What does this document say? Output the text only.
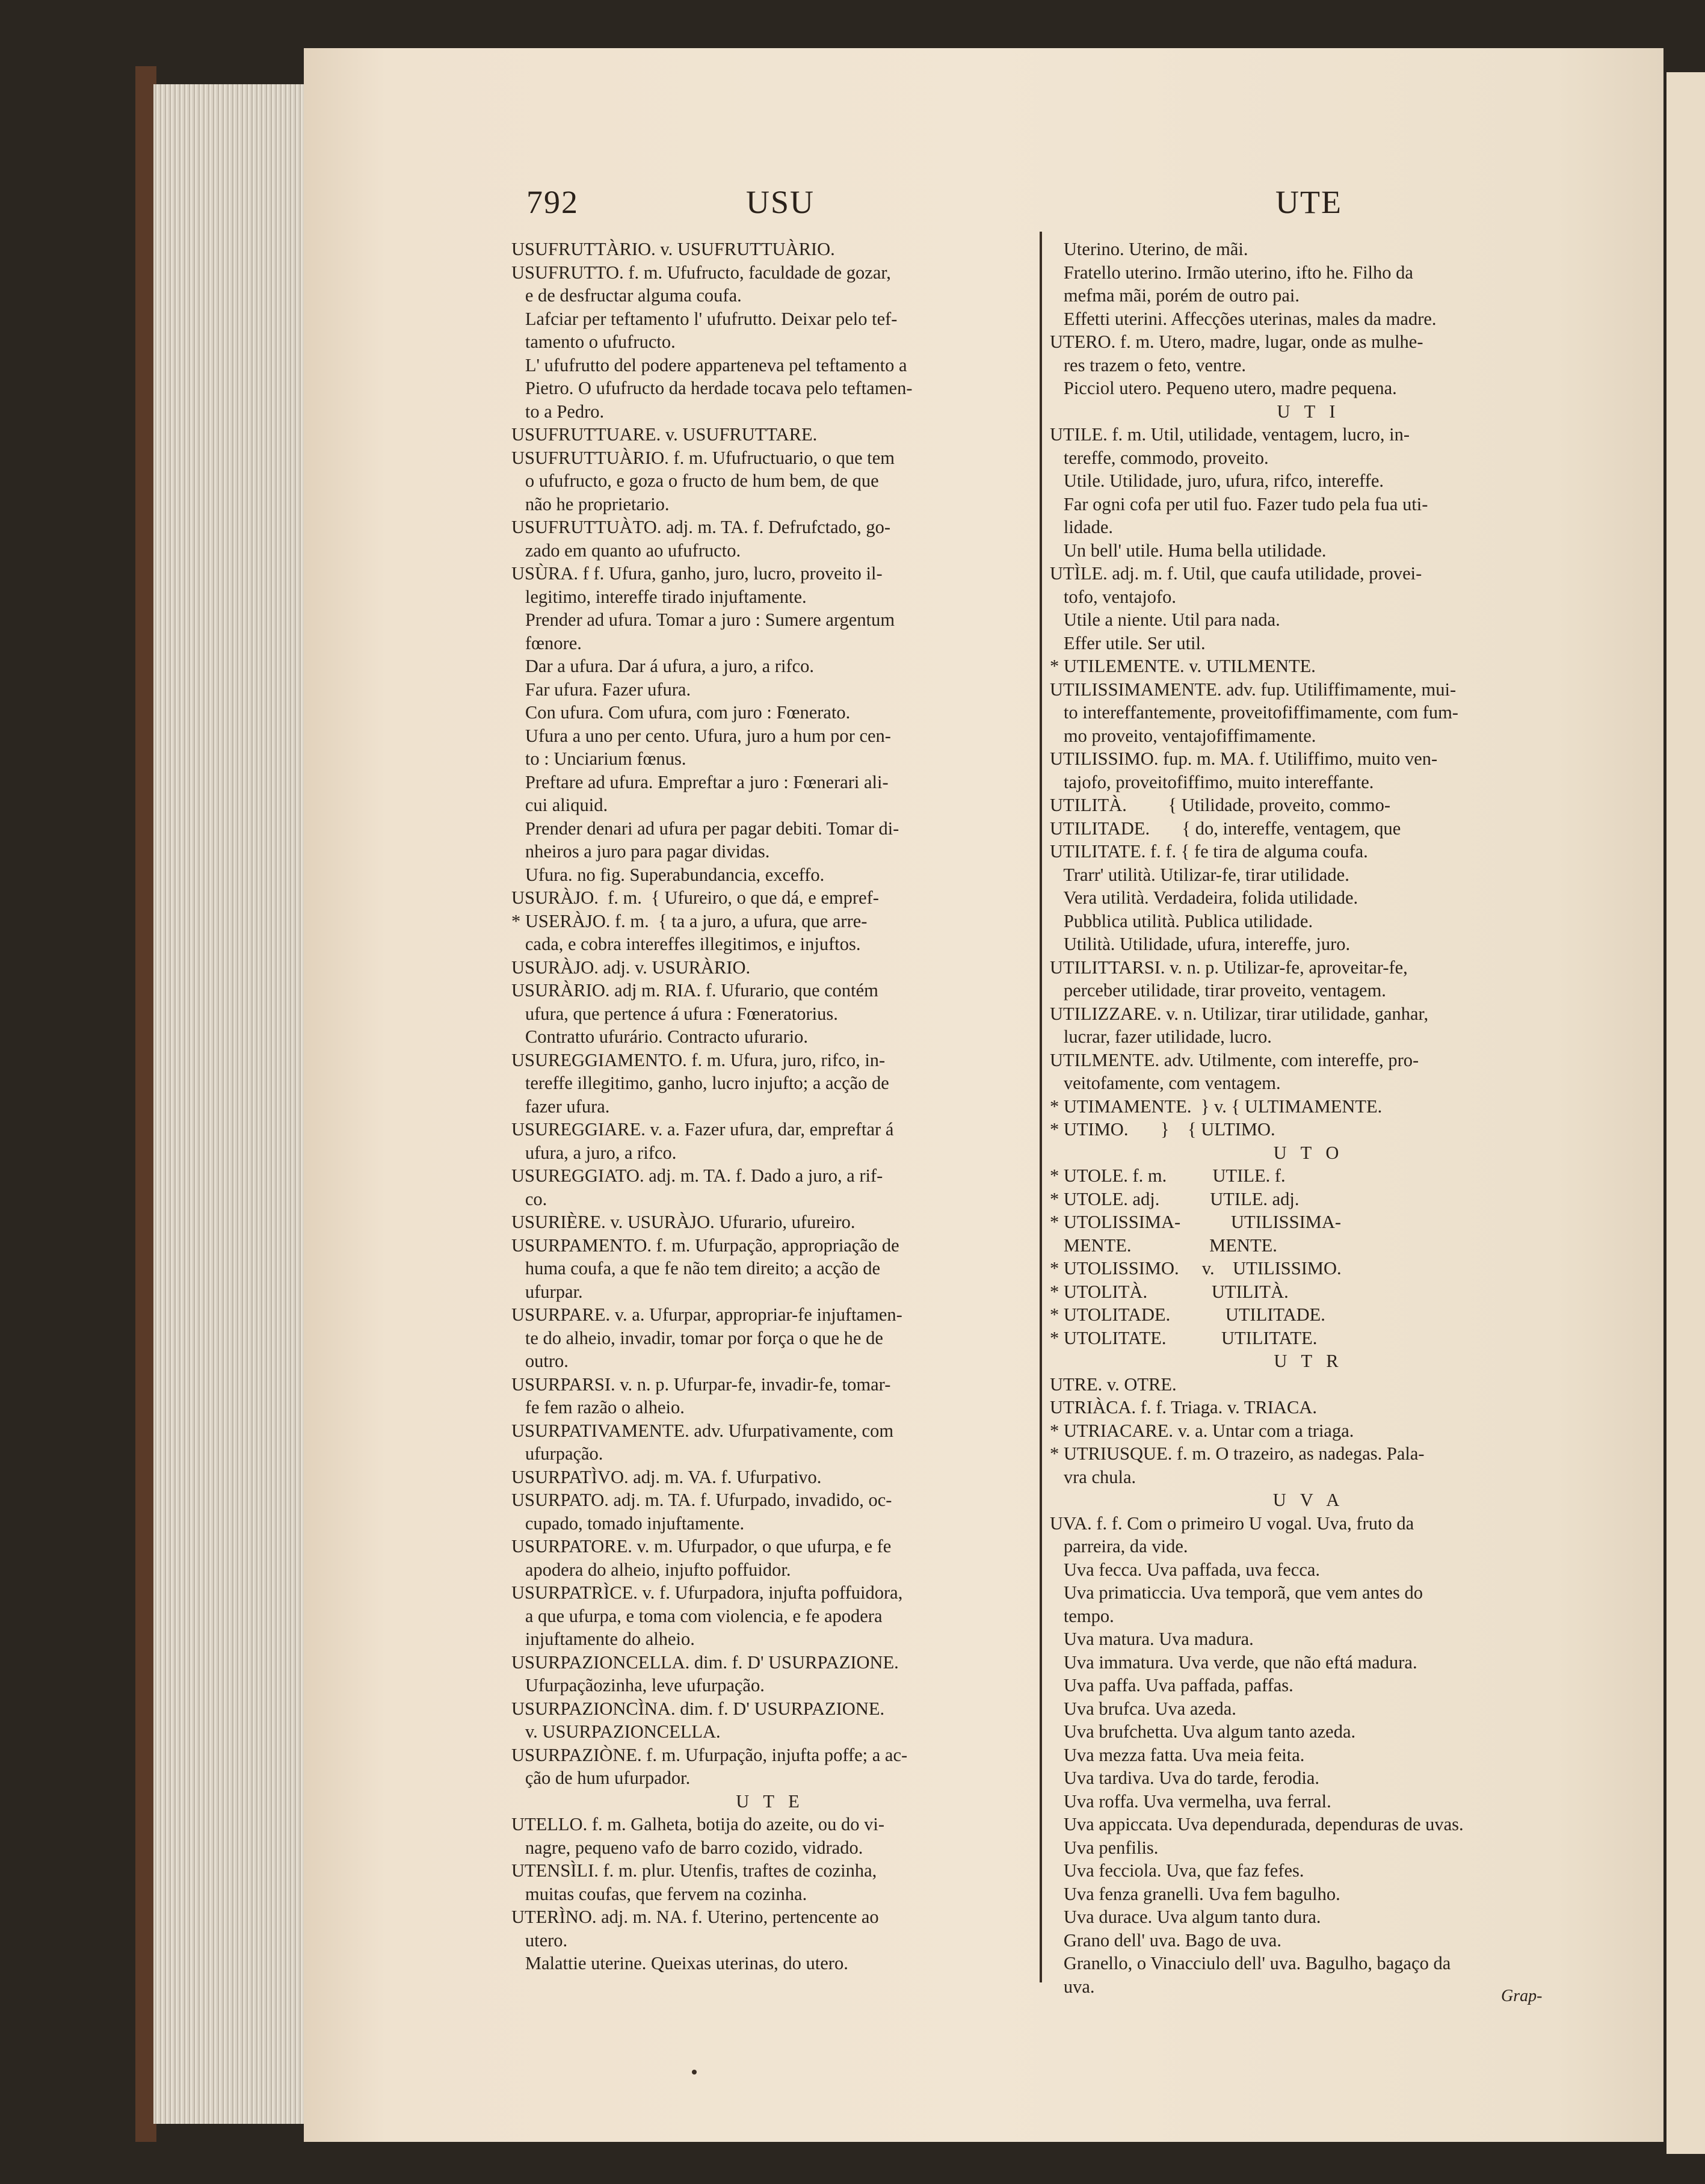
792	USU	UTE
USUFRUTTÀRIO. v. USUFRUTTUÀRIO.
USUFRUTTO. f. m. Ufufructo, faculdade de gozar,
e de desfructar alguma coufa.
Lafciar per teftamento l' ufufrutto. Deixar pelo tef-
tamento o ufufructo.
L' ufufrutto del podere apparteneva pel teftamento a
Pietro. O ufufructo da herdade tocava pelo teftamen-
to a Pedro.
USUFRUTTUARE. v. USUFRUTTARE.
USUFRUTTUÀRIO. f. m. Ufufructuario, o que tem
o ufufructo, e goza o fructo de hum bem, de que
não he proprietario.
USUFRUTTUÀTO. adj. m. TA. f. Defrufctado, go-
zado em quanto ao ufufructo.
USÙRA. f f. Ufura, ganho, juro, lucro, proveito il-
legitimo, intereffe tirado injuftamente.
Prender ad ufura. Tomar a juro : Sumere argentum
fœnore.
Dar a ufura. Dar á ufura, a juro, a rifco.
Far ufura. Fazer ufura.
Con ufura. Com ufura, com juro : Fœnerato.
Ufura a uno per cento. Ufura, juro a hum por cen-
to : Unciarium fœnus.
Preftare ad ufura. Empreftar a juro : Fœnerari ali-
cui aliquid.
Prender denari ad ufura per pagar debiti. Tomar di-
nheiros a juro para pagar dividas.
Ufura. no fig. Superabundancia, exceffo.
USURÀJO.  f. m.  { Ufureiro, o que dá, e empref-
* USERÀJO. f. m.  { ta a juro, a ufura, que arre-
cada, e cobra intereffes illegitimos, e injuftos.
USURÀJO. adj. v. USURÀRIO.
USURÀRIO. adj m. RIA. f. Ufurario, que contém
ufura, que pertence á ufura : Fœneratorius.
Contratto ufurário. Contracto ufurario.
USUREGGIAMENTO. f. m. Ufura, juro, rifco, in-
tereffe illegitimo, ganho, lucro injufto; a acção de
fazer ufura.
USUREGGIARE. v. a. Fazer ufura, dar, empreftar á
ufura, a juro, a rifco.
USUREGGIATO. adj. m. TA. f. Dado a juro, a rif-
co.
USURIÈRE. v. USURÀJO. Ufurario, ufureiro.
USURPAMENTO. f. m. Ufurpação, appropriação de
huma coufa, a que fe não tem direito; a acção de
ufurpar.
USURPARE. v. a. Ufurpar, appropriar-fe injuftamen-
te do alheio, invadir, tomar por força o que he de
outro.
USURPARSI. v. n. p. Ufurpar-fe, invadir-fe, tomar-
fe fem razão o alheio.
USURPATIVAMENTE. adv. Ufurpativamente, com
ufurpação.
USURPATÌVO. adj. m. VA. f. Ufurpativo.
USURPATO. adj. m. TA. f. Ufurpado, invadido, oc-
cupado, tomado injuftamente.
USURPATORE. v. m. Ufurpador, o que ufurpa, e fe
apodera do alheio, injufto poffuidor.
USURPATRÌCE. v. f. Ufurpadora, injufta poffuidora,
a que ufurpa, e toma com violencia, e fe apodera
injuftamente do alheio.
USURPAZIONCELLA. dim. f. D' USURPAZIONE.
Ufurpaçãozinha, leve ufurpação.
USURPAZIONCÌNA. dim. f. D' USURPAZIONE.
v. USURPAZIONCELLA.
USURPAZIÒNE. f. m. Ufurpação, injufta poffe; a ac-
ção de hum ufurpador.
U T E
UTELLO. f. m. Galheta, botija do azeite, ou do vi-
nagre, pequeno vafo de barro cozido, vidrado.
UTENSÌLI. f. m. plur. Utenfis, traftes de cozinha,
muitas coufas, que fervem na cozinha.
UTERÌNO. adj. m. NA. f. Uterino, pertencente ao
utero.
Malattie uterine. Queixas uterinas, do utero.
Uterino. Uterino, de mãi.
Fratello uterino. Irmão uterino, ifto he. Filho da
mefma mãi, porém de outro pai.
Effetti uterini. Affecções uterinas, males da madre.
UTERO. f. m. Utero, madre, lugar, onde as mulhe-
res trazem o feto, ventre.
Picciol utero. Pequeno utero, madre pequena.
U T I
UTILE. f. m. Util, utilidade, ventagem, lucro, in-
tereffe, commodo, proveito.
Utile. Utilidade, juro, ufura, rifco, intereffe.
Far ogni cofa per util fuo. Fazer tudo pela fua uti-
lidade.
Un bell' utile. Huma bella utilidade.
UTÌLE. adj. m. f. Util, que caufa utilidade, provei-
tofo, ventajofo.
Utile a niente. Util para nada.
Effer utile. Ser util.
* UTILEMENTE. v. UTILMENTE.
UTILISSIMAMENTE. adv. fup. Utiliffimamente, mui-
to intereffantemente, proveitofiffimamente, com fum-
mo proveito, ventajofiffimamente.
UTILISSIMO. fup. m. MA. f. Utiliffimo, muito ven-
tajofo, proveitofiffimo, muito intereffante.
UTILITÀ.         { Utilidade, proveito, commo-
UTILITADE.       { do, intereffe, ventagem, que
UTILITATE. f. f. { fe tira de alguma coufa.
Trarr' utilità. Utilizar-fe, tirar utilidade.
Vera utilità. Verdadeira, folida utilidade.
Pubblica utilità. Publica utilidade.
Utilità. Utilidade, ufura, intereffe, juro.
UTILITTARSI. v. n. p. Utilizar-fe, aproveitar-fe,
perceber utilidade, tirar proveito, ventagem.
UTILIZZARE. v. n. Utilizar, tirar utilidade, ganhar,
lucrar, fazer utilidade, lucro.
UTILMENTE. adv. Utilmente, com intereffe, pro-
veitofamente, com ventagem.
* UTIMAMENTE.  } v. { ULTIMAMENTE.
* UTIMO.       }    { ULTIMO.
U T O
* UTOLE. f. m.          UTILE. f.
* UTOLE. adj.           UTILE. adj.
* UTOLISSIMA-           UTILISSIMA-
MENTE.                 MENTE.
* UTOLISSIMO.     v.    UTILISSIMO.
* UTOLITÀ.              UTILITÀ.
* UTOLITADE.            UTILITADE.
* UTOLITATE.            UTILITATE.
U T R
UTRE. v. OTRE.
UTRIÀCA. f. f. Triaga. v. TRIACA.
* UTRIACARE. v. a. Untar com a triaga.
* UTRIUSQUE. f. m. O trazeiro, as nadegas. Pala-
vra chula.
U V A
UVA. f. f. Com o primeiro U vogal. Uva, fruto da
parreira, da vide.
Uva fecca. Uva paffada, uva fecca.
Uva primaticcia. Uva temporã, que vem antes do
tempo.
Uva matura. Uva madura.
Uva immatura. Uva verde, que não eftá madura.
Uva paffa. Uva paffada, paffas.
Uva brufca. Uva azeda.
Uva brufchetta. Uva algum tanto azeda.
Uva mezza fatta. Uva meia feita.
Uva tardiva. Uva do tarde, ferodia.
Uva roffa. Uva vermelha, uva ferral.
Uva appiccata. Uva dependurada, dependuras de uvas.
Uva penfilis.
Uva fecciola. Uva, que faz fefes.
Uva fenza granelli. Uva fem bagulho.
Uva durace. Uva algum tanto dura.
Grano dell' uva. Bago de uva.
Granello, o Vinacciulo dell' uva. Bagulho, bagaço da
uva.	Grap-
